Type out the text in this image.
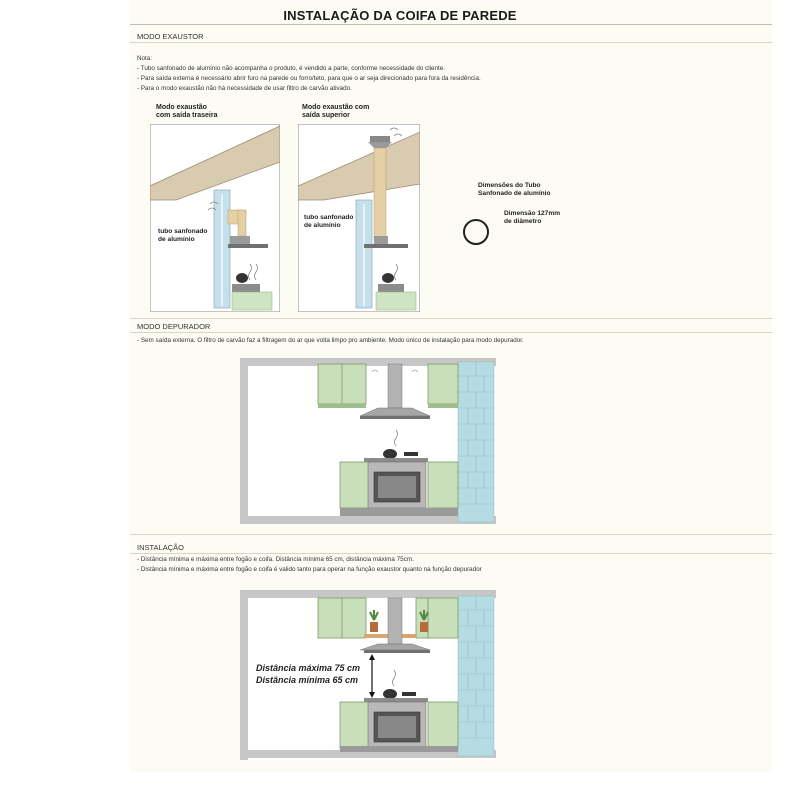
INSTALAÇÃO DA COIFA DE PAREDE
MODO EXAUSTOR
Nota:
- Tubo sanfonado de alumínio não acompanha o produto, é vendido a parte, conforme necessidade do cliente.
- Para saída externa é necessário abrir furo na parede ou forro/teto, para que o ar seja direcionado para fora da residência.
- Para o modo exaustão não há necessidade de usar filtro de carvão ativado.
Modo exaustão
com saída traseira
tubo sanfonado
de alumínio
Modo exaustão com
saída superior
tubo sanfonado
de alumínio
Dimensões do Tubo
Sanfonado de alumínio
Dimensão 127mm
de diâmetro
MODO DEPURADOR
- Sem saída externa. O filtro de carvão faz a filtragem do ar que volta limpo pro ambiente. Modo único de instalação para modo depurador.
INSTALAÇÃO
- Distância mínima e máxima entre fogão e coifa. Distância mínima 65 cm, distância máxima 75cm.
- Distância mínima e máxima entre fogão e coifa é valido tanto para operar na função exaustor quanto na função depurador
Distância máxima 75 cm
Distância mínima 65 cm
